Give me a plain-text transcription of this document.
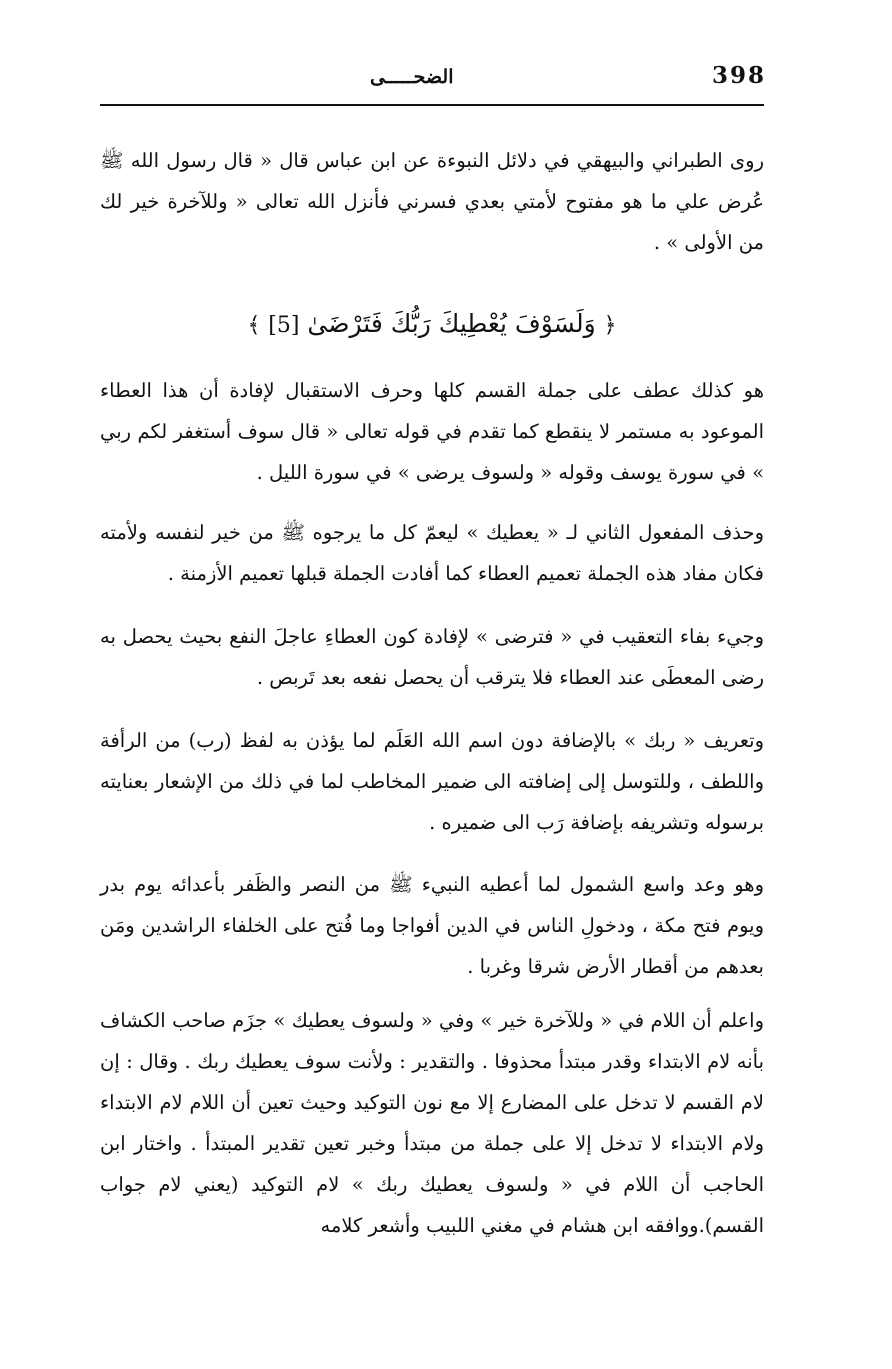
398
الضحـــــى

روى الطبراني والبيهقي في دلائل النبوءة عن ابن عباس قال « قال رسول الله ﷺ عُرض علي ما هو مفتوح لأمتي بعدي فسرني فأنزل الله تعالى « وللآخرة خير لك من الأولى » .

﴿ وَلَسَوْفَ يُعْطِيكَ رَبُّكَ فَتَرْضَىٰ [5] ﴾

هو كذلك عطف على جملة القسم كلها وحرف الاستقبال لإفادة أن هذا العطاء الموعود به مستمر لا ينقطع كما تقدم في قوله تعالى « قال سوف أستغفر لكم ربي » في سورة يوسف وقوله « ولسوف يرضى » في سورة الليل .

وحذف المفعول الثاني لـ « يعطيك » ليعمّ كل ما يرجوه ﷺ من خير لنفسه ولأمته فكان مفاد هذه الجملة تعميم العطاء كما أفادت الجملة قبلها تعميم الأزمنة .

وجيء بفاء التعقيب في « فترضى » لإفادة كون العطاءِ عاجلَ النفع بحيث يحصل به رضى المعطَى عند العطاء فلا يترقب أن يحصل نفعه بعد تَربص .

وتعريف « ربك » بالإضافة دون اسم الله العَلَم لما يؤذن به لفظ (رب) من الرأفة واللطف ، وللتوسل إلى إضافته الى ضمير المخاطب لما في ذلك من الإشعار بعنايته برسوله وتشريفه بإضافة رَب الى ضميره .

وهو وعد واسع الشمول لما أعطيه النبيء ﷺ من النصر والظَفر بأعدائه يوم بدر ويوم فتح مكة ، ودخولِ الناس في الدين أفواجا وما فُتح على الخلفاء الراشدين ومَن بعدهم من أقطار الأرض شرقا وغربا .

واعلم أن اللام في « وللآخرة خير » وفي « ولسوف يعطيك » جزَم صاحب الكشاف بأنه لام الابتداء وقدر مبتدأ محذوفا . والتقدير : ولأنت سوف يعطيك ربك . وقال : إن لام القسم لا تدخل على المضارع إلا مع نون التوكيد وحيث تعين أن اللام لام الابتداء ولام الابتداء لا تدخل إلا على جملة من مبتدأ وخبر تعين تقدير المبتدأ . واختار ابن الحاجب أن اللام في « ولسوف يعطيك ربك » لام التوكيد (يعني لام جواب القسم).ووافقه ابن هشام في مغني اللبيب وأشعر كلامه
